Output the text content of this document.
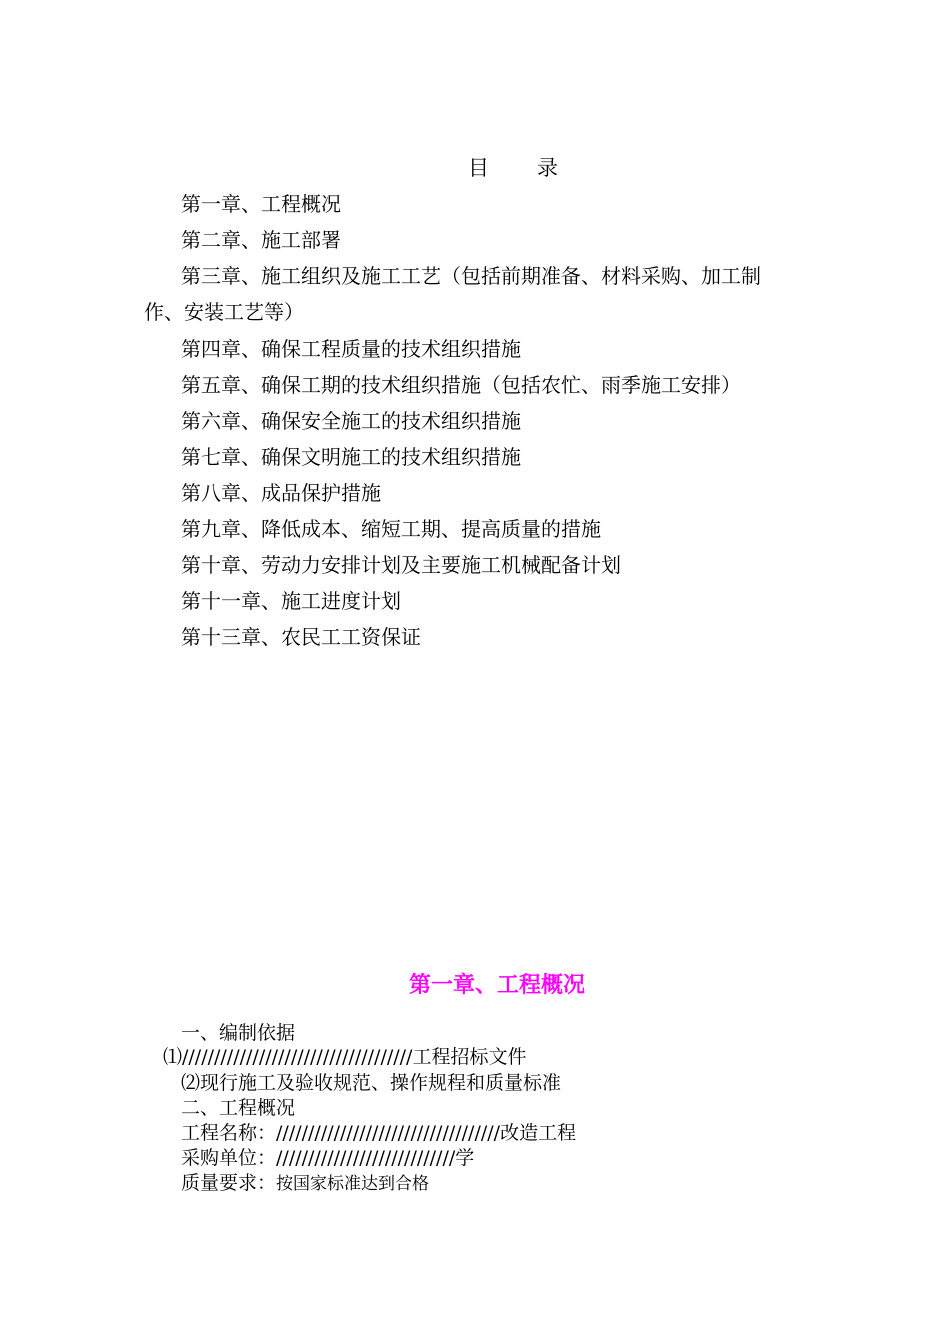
目 录
第一章、工程概况
第二章、施工部署
第三章、施工组织及施工工艺（包括前期准备、材料采购、加工制
作、安装工艺等）
第四章、确保工程质量的技术组织措施
第五章、确保工期的技术组织措施（包括农忙、雨季施工安排）
第六章、确保安全施工的技术组织措施
第七章、确保文明施工的技术组织措施
第八章、成品保护措施
第九章、降低成本、缩短工期、提高质量的措施
第十章、劳动力安排计划及主要施工机械配备计划
第十一章、施工进度计划
第十三章、农民工工资保证
第一章、工程概况
一、编制依据
⑴////////////////////////////////////工程招标文件
⑵现行施工及验收规范、操作规程和质量标准
二、工程概况
工程名称：///////////////////////////////////改造工程
采购单位：////////////////////////////学
质量要求：按国家标准达到合格
